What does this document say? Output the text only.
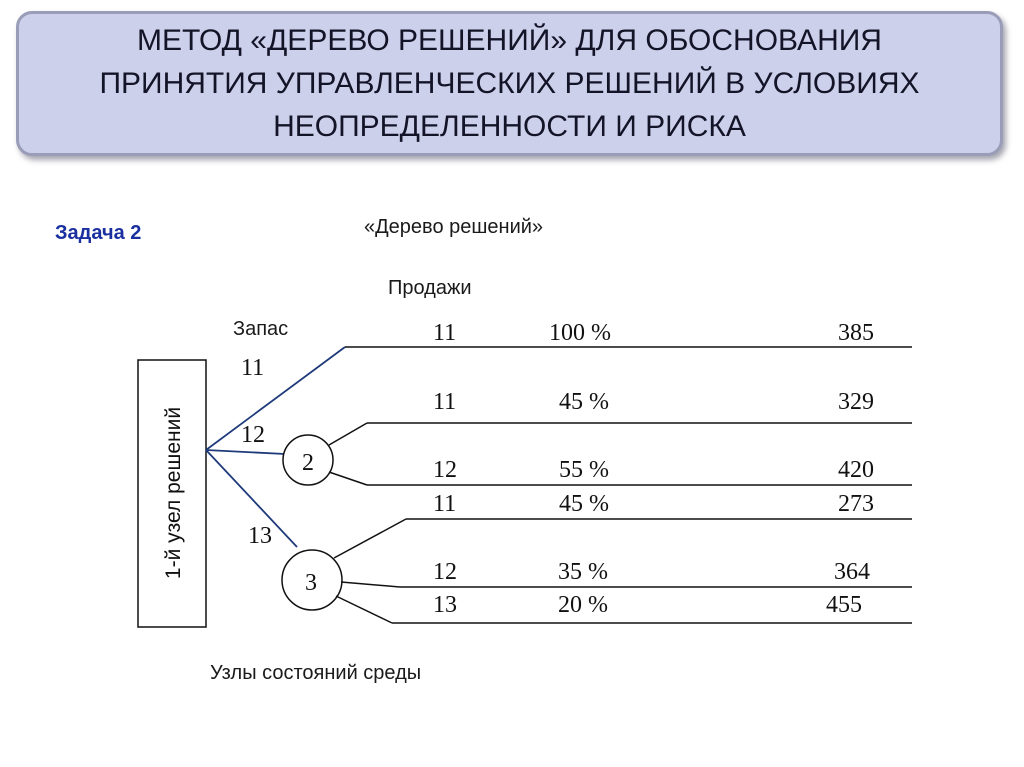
МЕТОД «ДЕРЕВО РЕШЕНИЙ» ДЛЯ ОБОСНОВАНИЯ
ПРИНЯТИЯ УПРАВЛЕНЧЕСКИХ РЕШЕНИЙ В УСЛОВИЯХ
НЕОПРЕДЕЛЕННОСТИ И РИСКА
Задача 2	«Дерево решений»
Продажи
Запас
Узлы состояний среды
1-й узел решений	2
3
11
12
13
11	100 %	385
11	45 %	329
12	55 %	420
11	45 %	273
12	35 %	364
13	20 %	455
